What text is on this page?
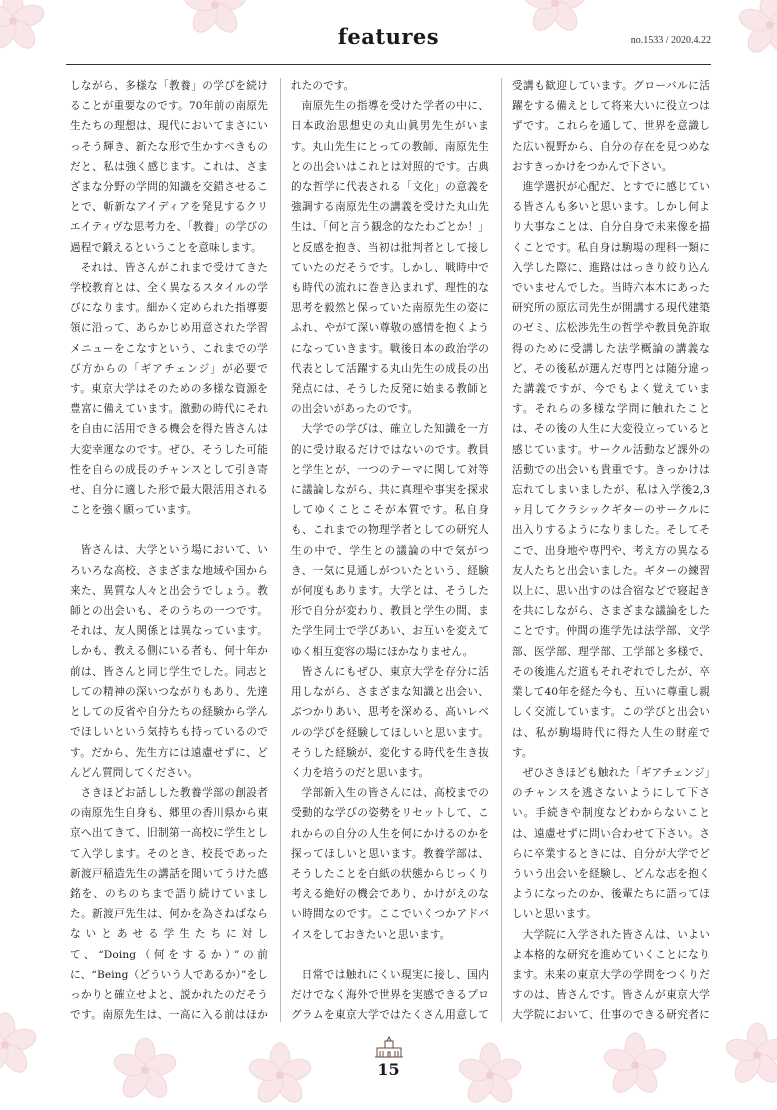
features	no.1533 / 2020.4.22

しながら、多様な「教養」の学びを続けることが重要なのです。70年前の南原先生たちの理想は、現代においてまさにいっそう輝き、新たな形で生かすべきものだと、私は強く感じます。これは、さまざまな分野の学問的知識を交錯させることで、斬新なアイディアを発見するクリエイティヴな思考力を、「教養」の学びの過程で鍛えるということを意味します。

それは、皆さんがこれまで受けてきた学校教育とは、全く異なるスタイルの学びになります。細かく定められた指導要領に沿って、あらかじめ用意された学習メニューをこなすという、これまでの学び方からの「ギアチェンジ」が必要です。東京大学はそのための多様な資源を豊富に備えています。激動の時代にそれを自由に活用できる機会を得た皆さんは大変幸運なのです。ぜひ、そうした可能性を自らの成長のチャンスとして引き寄せ、自分に適した形で最大限活用されることを強く願っています。

皆さんは、大学という場において、いろいろな高校、さまざまな地域や国から来た、異質な人々と出会うでしょう。教師との出会いも、そのうちの一つです。それは、友人関係とは異なっています。しかも、教える側にいる者も、何十年か前は、皆さんと同じ学生でした。同志としての精神の深いつながりもあり、先達としての反省や自分たちの経験から学んでほしいという気持ちも持っているのです。だから、先生方には遠慮せずに、どんどん質問してください。

さきほどお話しした教養学部の創設者の南原先生自身も、郷里の香川県から東京へ出てきて、旧制第一高校に学生として入学します。そのとき、校長であった新渡戸稲造先生の講話を聞いてうけた感銘を、のちのちまで語り続けていました。新渡戸先生は、何かを為さねばならないとあせる学生たちに対して、“Doing（何をするか）”の前に、“Being（どういう人であるか）”をしっかりと確立せよと、説かれたのだそうです。南原先生は、一高に入る前はほか

れたのです。

南原先生の指導を受けた学者の中に、日本政治思想史の丸山眞男先生がいます。丸山先生にとっての教師、南原先生との出会いはこれとは対照的です。古典的な哲学に代表される「文化」の意義を強調する南原先生の講義を受けた丸山先生は、「何と言う観念的なたわごとか！」と反感を抱き、当初は批判者として接していたのだそうです。しかし、戦時中でも時代の流れに巻き込まれず、理性的な思考を毅然と保っていた南原先生の姿にふれ、やがて深い尊敬の感情を抱くようになっていきます。戦後日本の政治学の代表として活躍する丸山先生の成長の出発点には、そうした反発に始まる教師との出会いがあったのです。

大学での学びは、確立した知識を一方的に受け取るだけではないのです。教員と学生とが、一つのテーマに関して対等に議論しながら、共に真理や事実を探求してゆくことこそが本質です。私自身も、これまでの物理学者としての研究人生の中で、学生との議論の中で気がつき、一気に見通しがついたという、経験が何度もあります。大学とは、そうした形で自分が変わり、教員と学生の間、また学生同士で学びあい、お互いを変えてゆく相互変容の場にほかなりません。

皆さんにもぜひ、東京大学を存分に活用しながら、さまざまな知識と出会い、ぶつかりあい、思考を深める、高いレベルの学びを経験してほしいと思います。そうした経験が、変化する時代を生き抜く力を培うのだと思います。

学部新入生の皆さんには、高校までの受動的な学びの姿勢をリセットして、これからの自分の人生を何にかけるのかを探ってほしいと思います。教養学部は、そうしたことを白紙の状態からじっくり考える絶好の機会であり、かけがえのない時間なのです。ここでいくつかアドバイスをしておきたいと思います。

日常では触れにくい現実に接し、国内だけでなく海外で世界を実感できるプログラムを東京大学ではたくさん用意して

受講も歓迎しています。グローバルに活躍をする備えとして将来大いに役立つはずです。これらを通して、世界を意識した広い視野から、自分の存在を見つめなおすきっかけをつかんで下さい。

進学選択が心配だ、とすでに感じている皆さんも多いと思います。しかし何より大事なことは、自分自身で未来像を描くことです。私自身は駒場の理科一類に入学した際に、進路ははっきり絞り込んでいませんでした。当時六本木にあった研究所の原広司先生が開講する現代建築のゼミ、広松渉先生の哲学や教員免許取得のために受講した法学概論の講義など、その後私が選んだ専門とは随分違った講義ですが、今でもよく覚えています。それらの多様な学問に触れたことは、その後の人生に大変役立っていると感じています。サークル活動など課外の活動での出会いも貴重です。きっかけは忘れてしまいましたが、私は入学後2,3ヶ月してクラシックギターのサークルに出入りするようになりました。そしてそこで、出身地や専門や、考え方の異なる友人たちと出会いました。ギターの練習以上に、思い出すのは合宿などで寝起きを共にしながら、さまざまな議論をしたことです。仲間の進学先は法学部、文学部、医学部、理学部、工学部と多様で、その後進んだ道もそれぞれでしたが、卒業して40年を経た今も、互いに尊重し親しく交流しています。この学びと出会いは、私が駒場時代に得た人生の財産です。

ぜひさきほども触れた「ギアチェンジ」のチャンスを逃さないようにして下さい。手続きや制度などわからないことは、遠慮せずに問い合わせて下さい。さらに卒業するときには、自分が大学でどういう出会いを経験し、どんな志を抱くようになったのか、後輩たちに語ってほしいと思います。

大学院に入学された皆さんは、いよいよ本格的な研究を進めていくことになります。未来の東京大学の学問をつくりだすのは、皆さんです。皆さんが東京大学大学院において、仕事のできる研究者に

15
